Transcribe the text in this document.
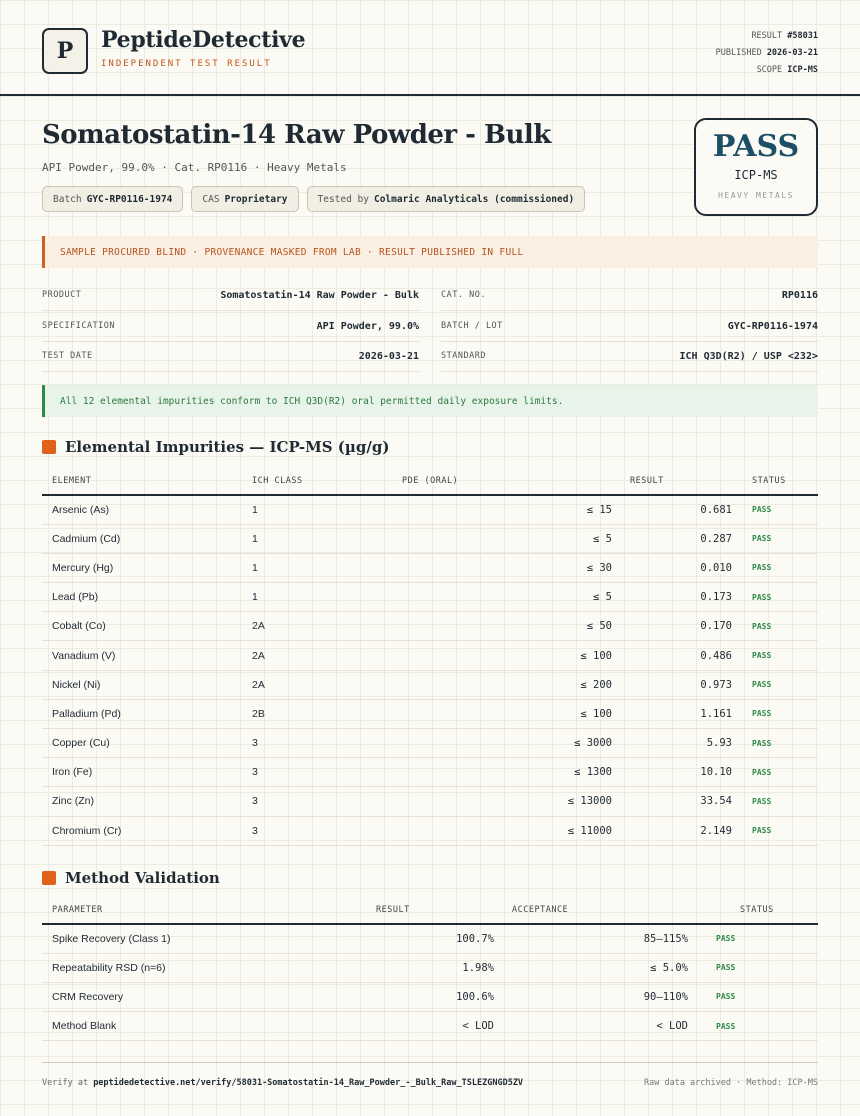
P	PeptideDetective
INDEPENDENT TEST RESULT
RESULT #58031
PUBLISHED 2026-03-21
SCOPE ICP-MS
Somatostatin-14 Raw Powder - Bulk
API Powder, 99.0% · Cat. RP0116 · Heavy Metals
Batch GYC-RP0116-1974	CAS Proprietary	Tested by Colmaric Analyticals (commissioned)
PASS
ICP-MS
HEAVY METALS
SAMPLE PROCURED BLIND · PROVENANCE MASKED FROM LAB · RESULT PUBLISHED IN FULL
PRODUCT	Somatostatin-14 Raw Powder - Bulk	CAT. NO.	RP0116
SPECIFICATION	API Powder, 99.0%	BATCH / LOT	GYC-RP0116-1974
TEST DATE	2026-03-21	STANDARD	ICH Q3D(R2) / USP <232>
All 12 elemental impurities conform to ICH Q3D(R2) oral permitted daily exposure limits.
Elemental Impurities — ICP-MS (µg/g)
ELEMENT	ICH CLASS	PDE (ORAL)	RESULT	STATUS
Arsenic (As)	1	≤ 15	0.681	PASS
Cadmium (Cd)	1	≤ 5	0.287	PASS
Mercury (Hg)	1	≤ 30	0.010	PASS
Lead (Pb)	1	≤ 5	0.173	PASS
Cobalt (Co)	2A	≤ 50	0.170	PASS
Vanadium (V)	2A	≤ 100	0.486	PASS
Nickel (Ni)	2A	≤ 200	0.973	PASS
Palladium (Pd)	2B	≤ 100	1.161	PASS
Copper (Cu)	3	≤ 3000	5.93	PASS
Iron (Fe)	3	≤ 1300	10.10	PASS
Zinc (Zn)	3	≤ 13000	33.54	PASS
Chromium (Cr)	3	≤ 11000	2.149	PASS
Method Validation
PARAMETER	RESULT	ACCEPTANCE	STATUS
Spike Recovery (Class 1)	100.7%	85–115%	PASS
Repeatability RSD (n=6)	1.98%	≤ 5.0%	PASS
CRM Recovery	100.6%	90–110%	PASS
Method Blank	< LOD	< LOD	PASS
Verify at peptidedetective.net/verify/58031-Somatostatin-14_Raw_Powder_-_Bulk_Raw_TSLEZGNGD5ZV	Raw data archived · Method: ICP-MS
